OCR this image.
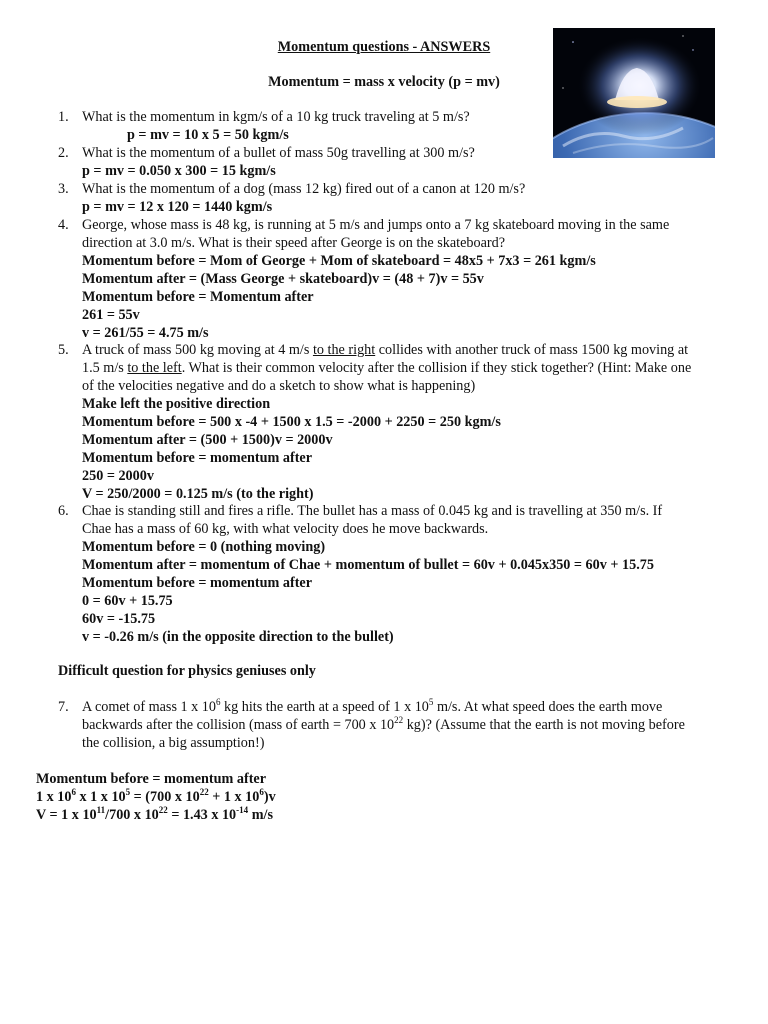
Momentum questions - ANSWERS
Momentum = mass x velocity (p = mv)
1. What is the momentum in kgm/s of a 10 kg truck traveling at 5 m/s?
p = mv = 10 x 5 = 50 kgm/s
2. What is the momentum of a bullet of mass 50g travelling at 300 m/s?
p = mv = 0.050 x 300 = 15 kgm/s
3. What is the momentum of a dog (mass 12 kg) fired out of a canon at 120 m/s?
p = mv = 12 x 120 = 1440 kgm/s
4. George, whose mass is 48 kg, is running at 5 m/s and jumps onto a 7 kg skateboard moving in the same
direction at 3.0 m/s. What is their speed after George is on the skateboard?
Momentum before = Mom of George + Mom of skateboard = 48x5 + 7x3 = 261 kgm/s
Momentum after = (Mass George + skateboard)v = (48 + 7)v = 55v
Momentum before = Momentum after
261 = 55v
v = 261/55 = 4.75 m/s
5. A truck of mass 500 kg moving at 4 m/s to the right collides with another truck of mass 1500 kg moving at
1.5 m/s to the left. What is their common velocity after the collision if they stick together? (Hint: Make one
of the velocities negative and do a sketch to show what is happening)
Make left the positive direction
Momentum before = 500 x -4 + 1500 x 1.5 = -2000 + 2250 = 250 kgm/s
Momentum after = (500 + 1500)v = 2000v
Momentum before = momentum after
250 = 2000v
V = 250/2000 = 0.125 m/s (to the right)
6. Chae is standing still and fires a rifle. The bullet has a mass of 0.045 kg and is travelling at 350 m/s. If
Chae has a mass of 60 kg, with what velocity does he move backwards.
Momentum before = 0 (nothing moving)
Momentum after = momentum of Chae + momentum of bullet = 60v + 0.045x350 = 60v + 15.75
Momentum before = momentum after
0 = 60v + 15.75
60v = -15.75
v = -0.26 m/s (in the opposite direction to the bullet)
Difficult question for physics geniuses only
7. A comet of mass 1 x $10^6$ kg hits the earth at a speed of 1 x $10^5$ m/s. At what speed does the earth move
backwards after the collision (mass of earth = 700 x $10^{22}$ kg)? (Assume that the earth is not moving before
the collision, a big assumption!)
Momentum before = momentum after
1 x $10^6$ x 1 x $10^5 = (700$ x $10^{22} + 1$ x $10^6)v$
V = 1 x $10^{11}/700$ x $10^{22} = 1.43$ x $10^{-14}$ m/s
